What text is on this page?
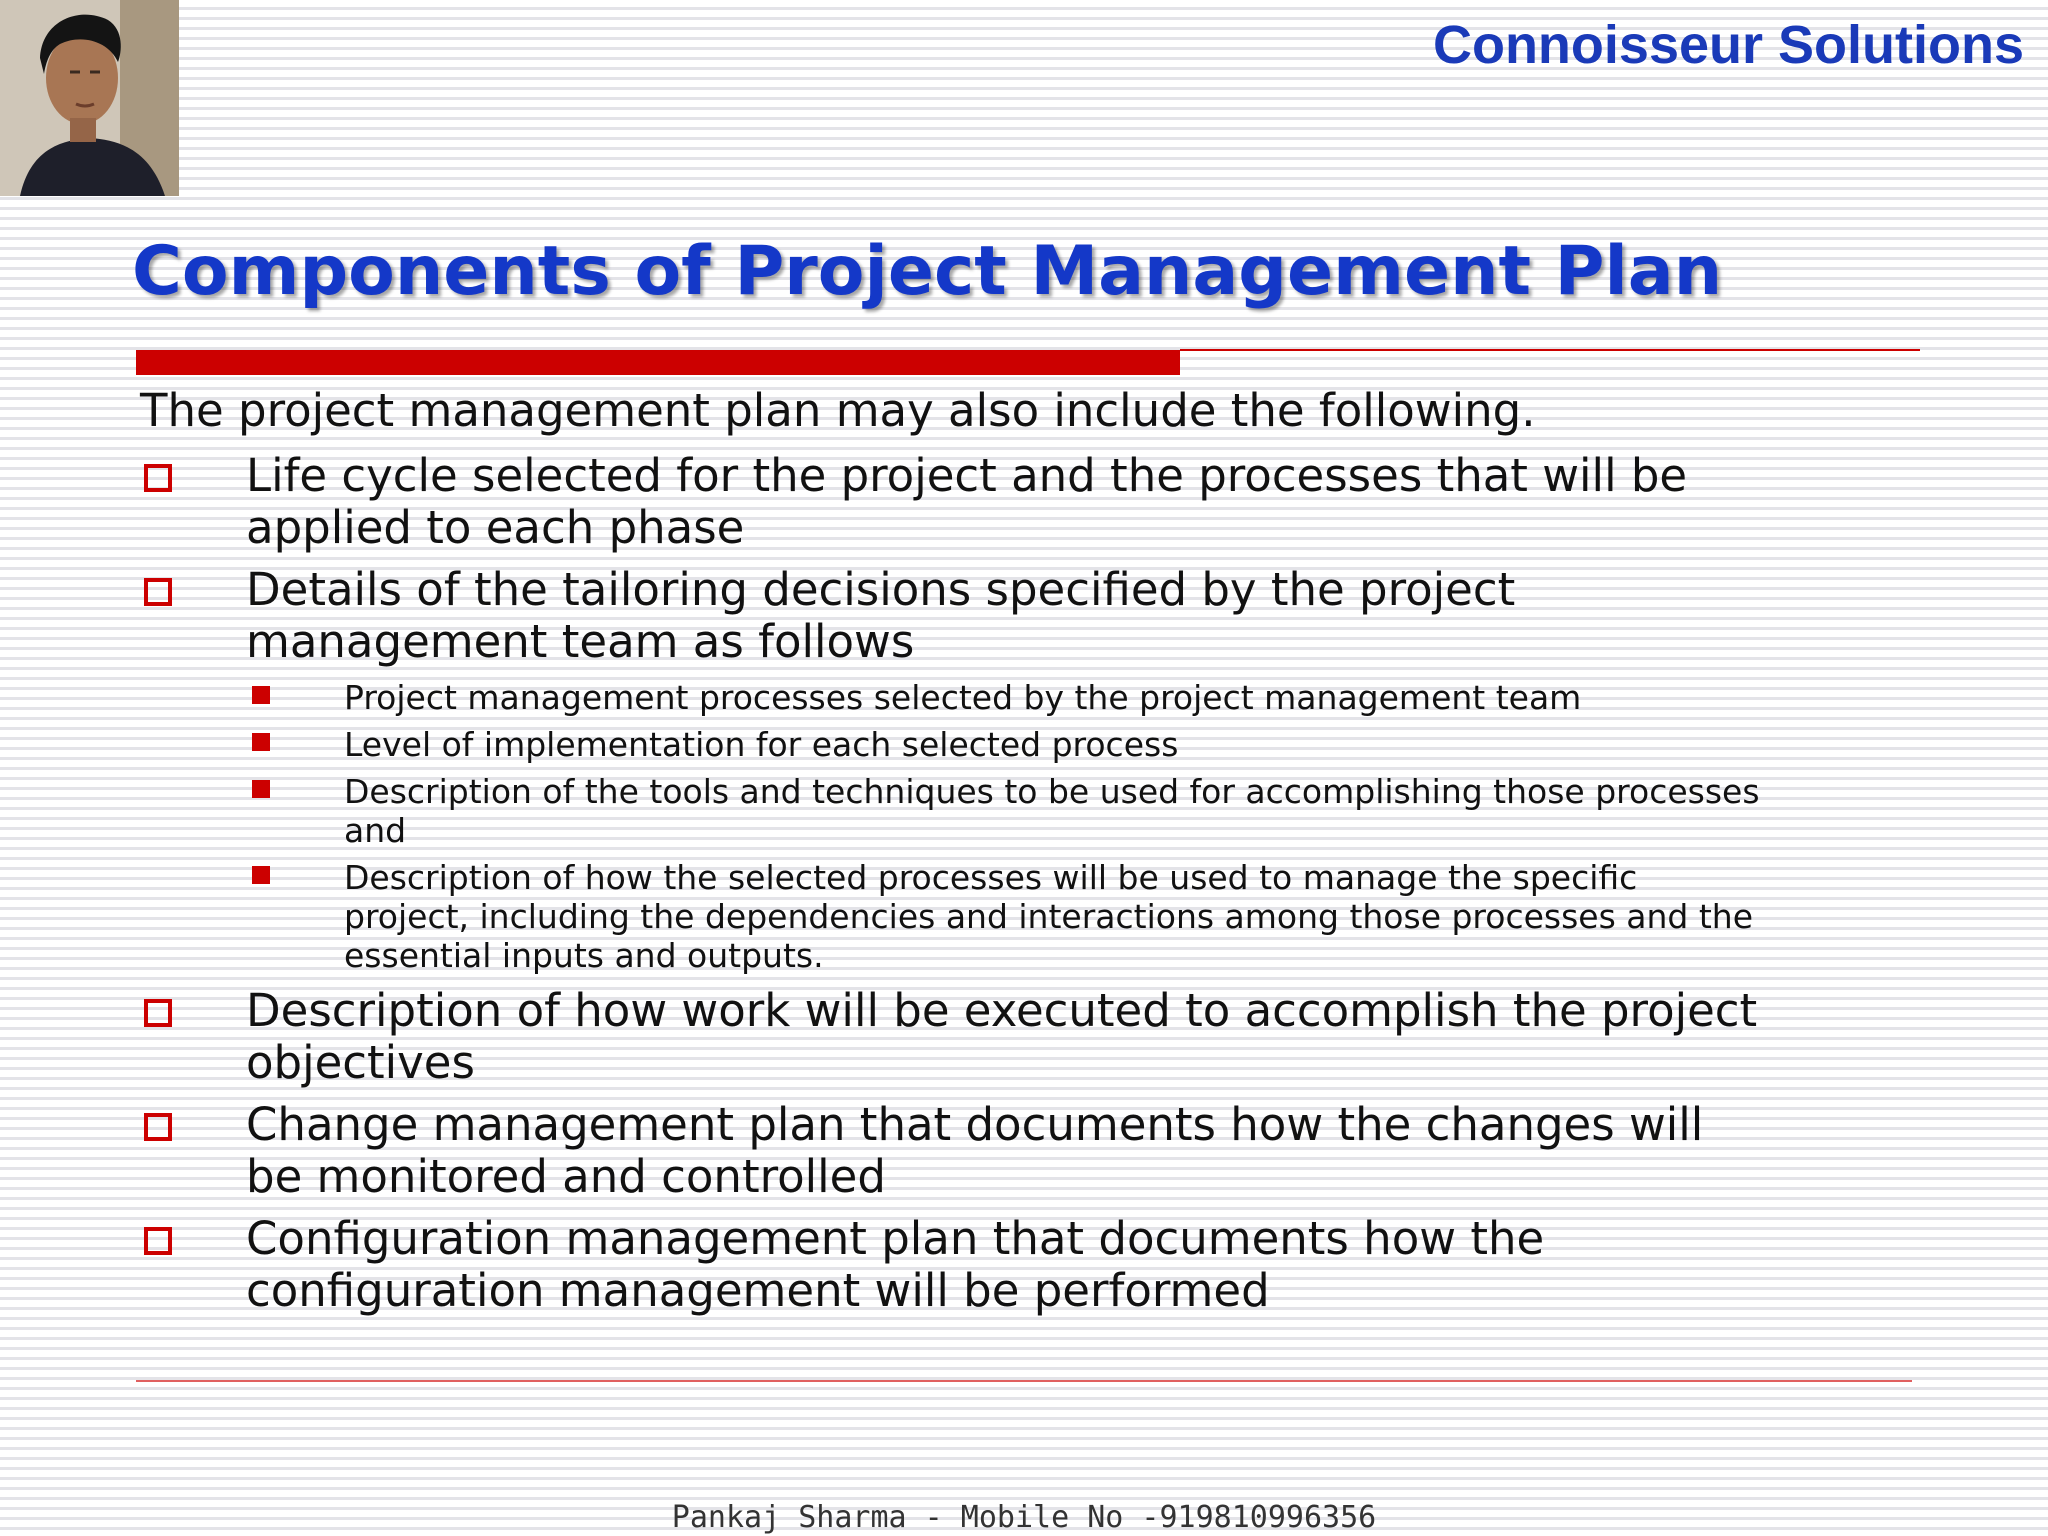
Connoisseur Solutions
Components of Project Management Plan
The project management plan may also include the following.
Life cycle selected for the project and the processes that will be applied to each phase
Details of the tailoring decisions specified by the project management team as follows
Project management processes selected by the project management team
Level of implementation for each selected process
Description of the tools and techniques to be used for accomplishing those processes and
Description of how the selected processes will be used to manage the specific project, including the dependencies and interactions among those processes and the essential inputs and outputs.
Description of how work will be executed to accomplish the project objectives
Change management plan that documents how the changes will be monitored and controlled
Configuration management plan that documents how the configuration management will be performed
Pankaj Sharma - Mobile No -919810996356
